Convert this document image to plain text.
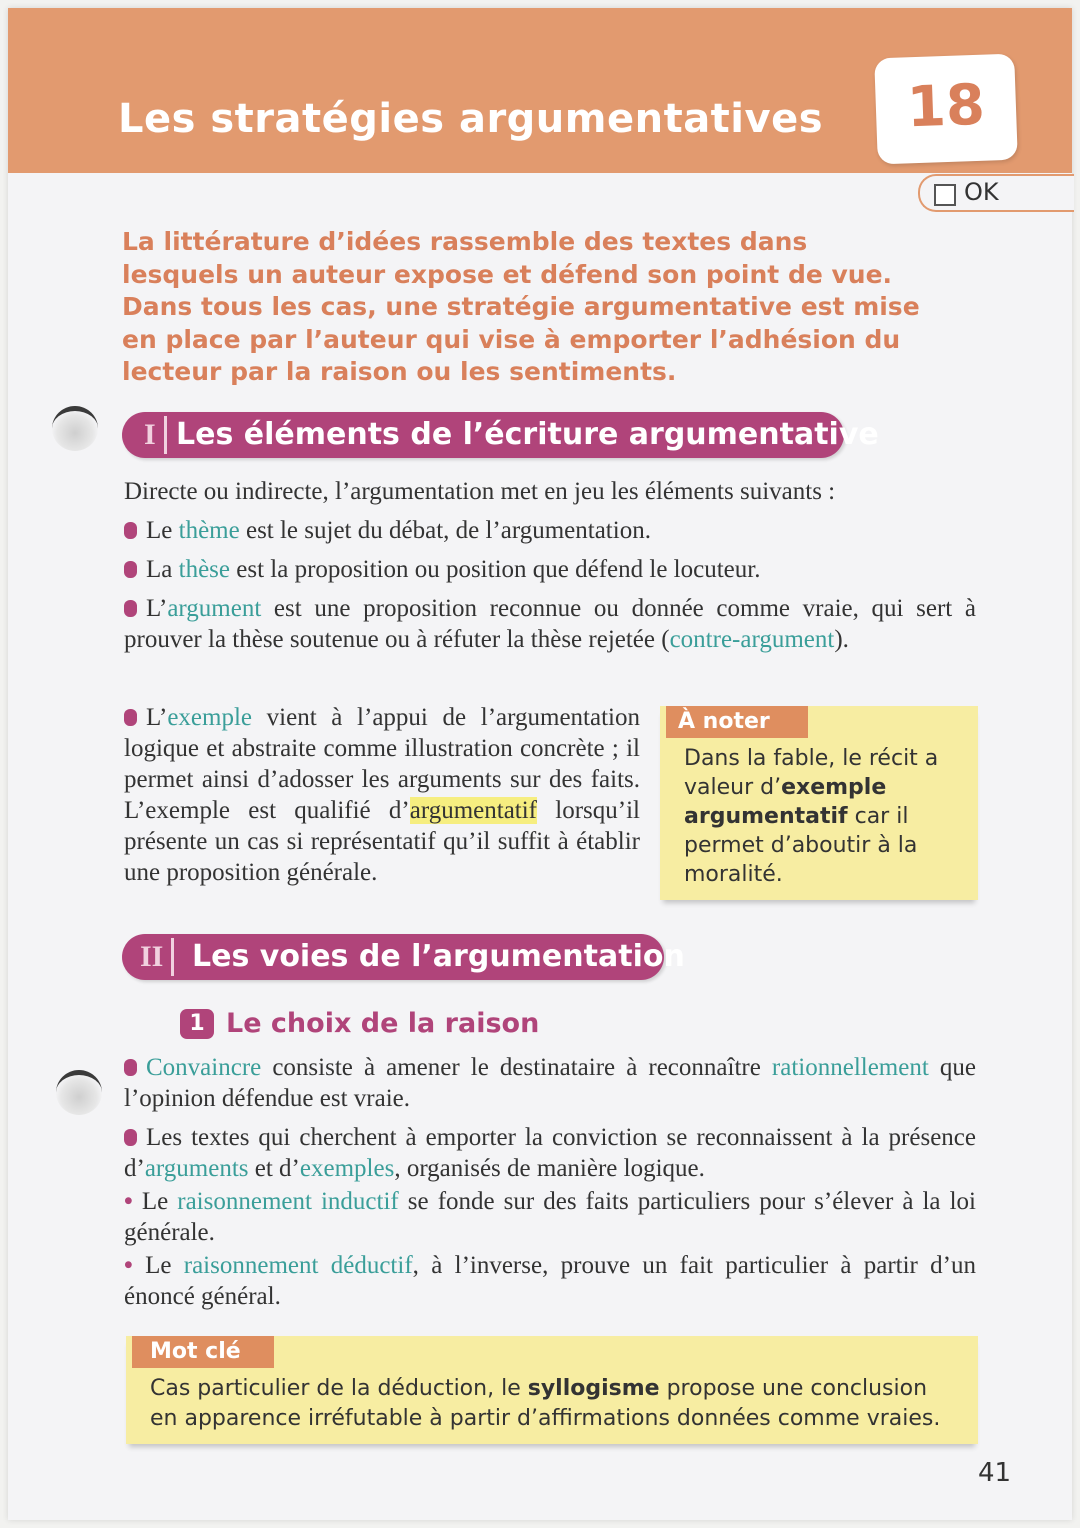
Les stratégies argumentatives	18
OK
La littérature d’idées rassemble des textes dans lesquels un auteur expose et défend son point de vue. Dans tous les cas, une stratégie argumentative est mise en place par l’auteur qui vise à emporter l’adhésion du lecteur par la raison ou les sentiments.
I Les éléments de l’écriture argumentative

Directe ou indirecte, l’argumentation met en jeu les éléments suivants :

Le thème est le sujet du débat, de l’argumentation.

La thèse est la proposition ou position que défend le locuteur.

L’argument est une proposition reconnue ou donnée comme vraie, qui sert à prouver la thèse soutenue ou à réfuter la thèse rejetée (contre-argument).

L’exemple vient à l’appui de l’argumentation logique et abstraite comme illustration concrète ; il permet ainsi d’adosser les arguments sur des faits. L’exemple est qualifié d’argumentatif lorsqu’il présente un cas si représentatif qu’il suffit à établir une proposition générale.

À noter
Dans la fable, le récit a valeur d’exemple argumentatif car il permet d’aboutir à la moralité.
II Les voies de l’argumentation
1 Le choix de la raison

Convaincre consiste à amener le destinataire à reconnaître rationnellement que l’opinion défendue est vraie.

Les textes qui cherchent à emporter la conviction se reconnaissent à la présence d’arguments et d’exemples, organisés de manière logique.

• Le raisonnement inductif se fonde sur des faits particuliers pour s’élever à la loi générale.

• Le raisonnement déductif, à l’inverse, prouve un fait particulier à partir d’un énoncé général.

Mot clé
Cas particulier de la déduction, le syllogisme propose une conclusion en apparence irréfutable à partir d’affirmations données comme vraies.
41
